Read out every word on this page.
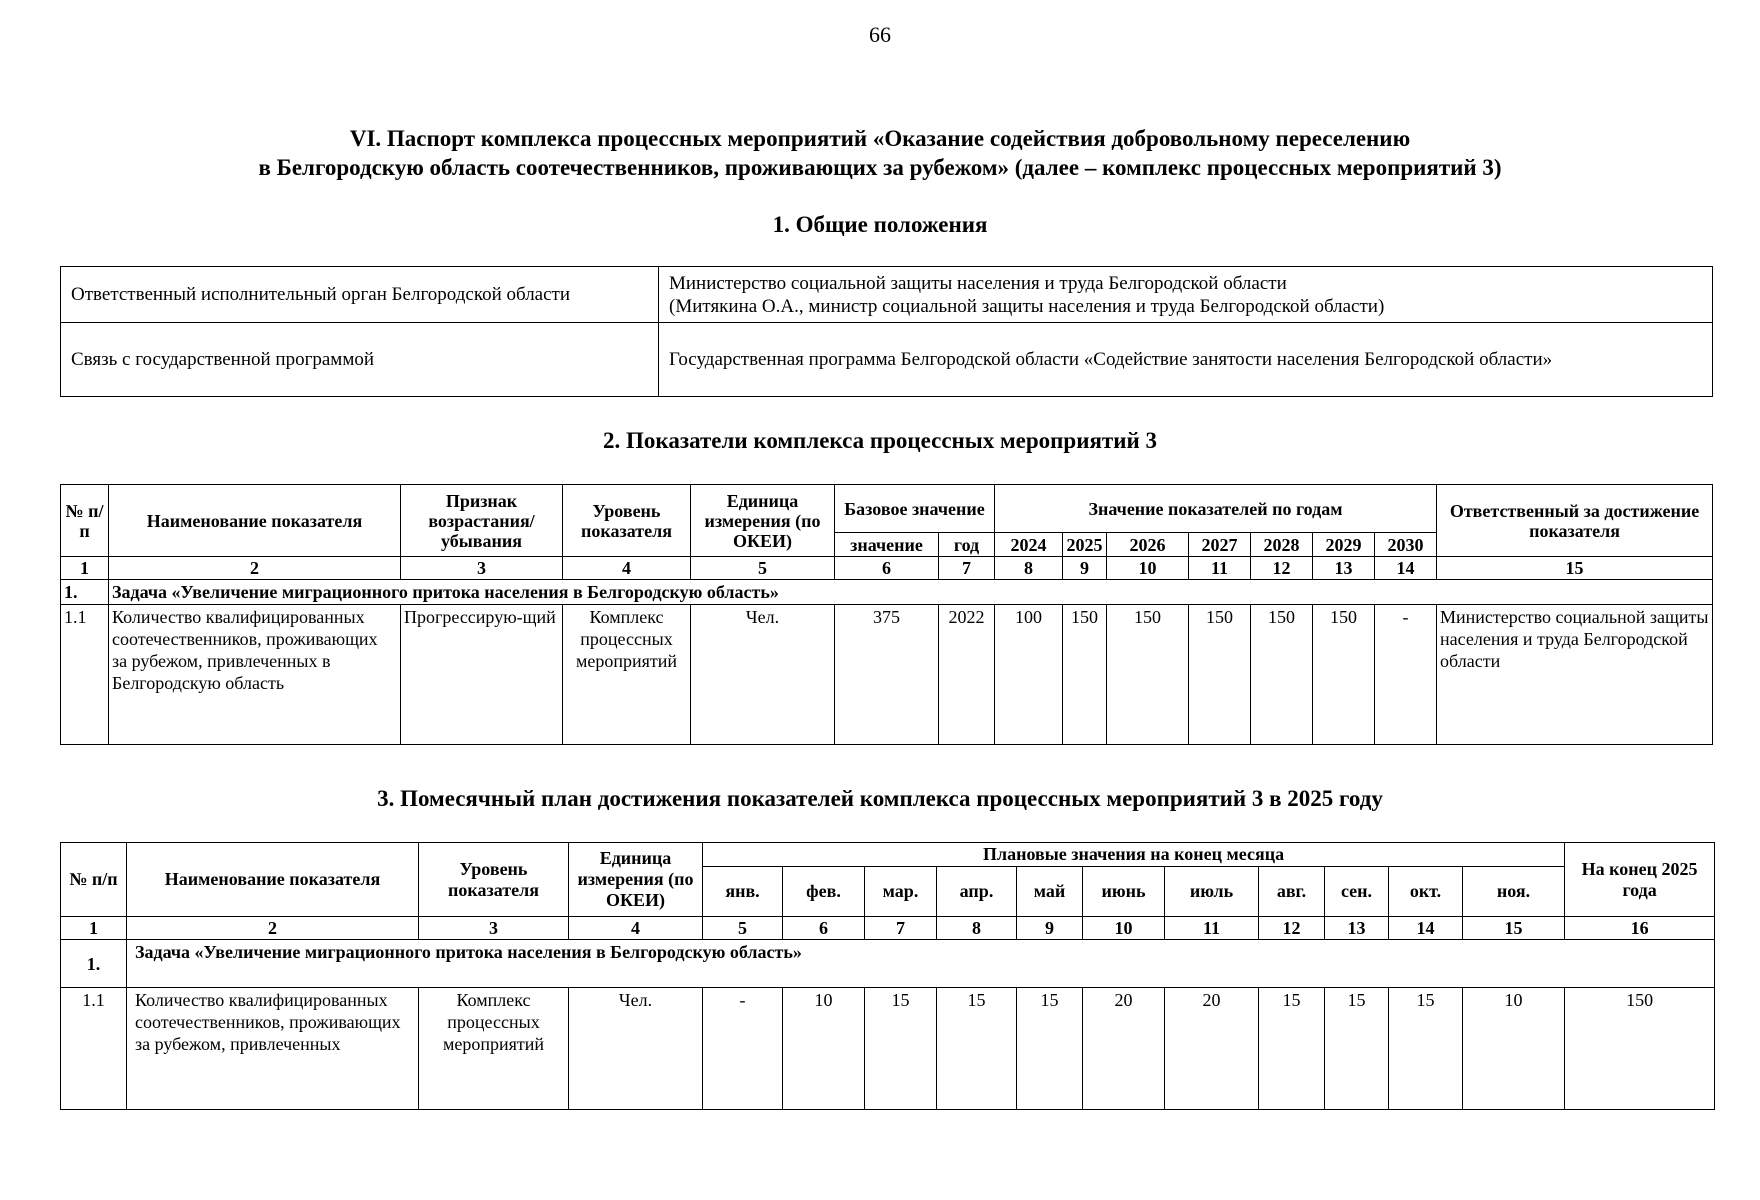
66
VI. Паспорт комплекса процессных мероприятий «Оказание содействия добровольному переселению
в Белгородскую область соотечественников, проживающих за рубежом» (далее – комплекс процессных мероприятий 3)
1. Общие положения
Ответственный исполнительный орган Белгородской области	Министерство социальной защиты населения и труда Белгородской области
(Митякина О.А., министр социальной защиты населения и труда Белгородской области)

Связь с государственной программой	Государственная программа Белгородской области «Содействие занятости населения Белгородской области»
2. Показатели комплекса процессных мероприятий 3
№ п/п	Наименование показателя	Признак возрастания/ убывания	Уровень показателя	Единица измерения (по ОКЕИ)	Базовое значение		Значение показателей по годам							Ответственный за достижение показателя
					значение	год	2024	2025	2026	2027	2028	2029	2030	
1	2	3	4	5	6	7	8	9	10	11	12	13	14	15
1.	Задача «Увеличение миграционного притока населения в Белгородскую область»													
1.1	Количество квалифицированных соотечественников, проживающих за рубежом, привлеченных в Белгородскую область	Прогрессирую-щий	Комплекс процессных мероприятий	Чел.	375	2022	100	150	150	150	150	150	-	Министерство социальной защиты населения и труда Белгородской области
3. Помесячный план достижения показателей комплекса процессных мероприятий 3 в 2025 году
№ п/п	Наименование показателя	Уровень показателя	Единица измерения (по ОКЕИ)	Плановые значения на конец месяца											На конец 2025 года
				янв.	фев.	мар.	апр.	май	июнь	июль	авг.	сен.	окт.	ноя.	
1	2	3	4	5	6	7	8	9	10	11	12	13	14	15	16
1.	Задача «Увеличение миграционного притока населения в Белгородскую область»														
1.1	Количество квалифицированных соотечественников, проживающих за рубежом, привлеченных	Комплекс процессных мероприятий	Чел.	-	10	15	15	15	20	20	15	15	15	10	150
